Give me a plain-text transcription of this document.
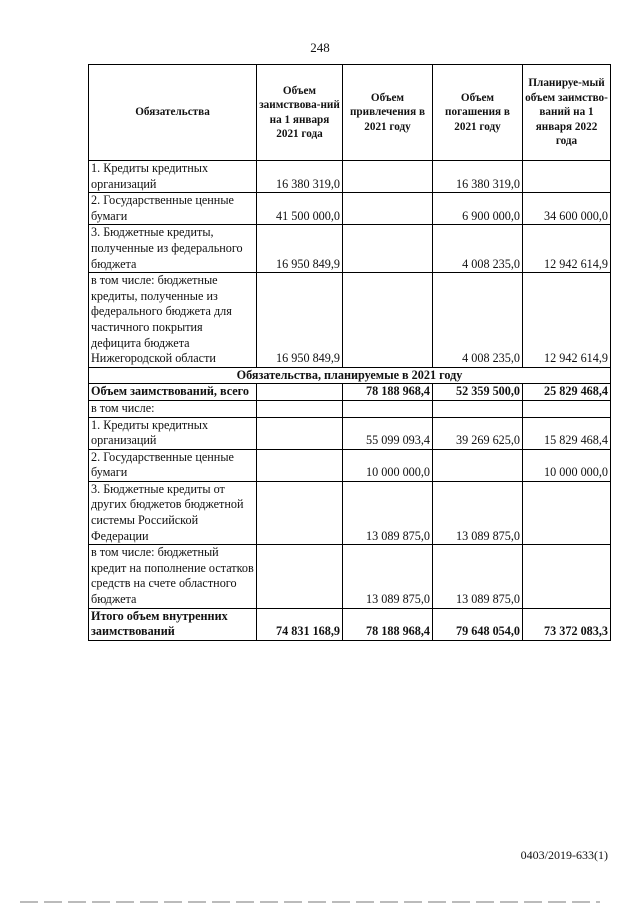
248
Обязательства	Объем заимствова-ний на 1 января 2021 года	Объем привлечения в 2021 году	Объем погашения в 2021 году	Планируе-мый объем заимство-ваний на 1 января 2022 года
1. Кредиты кредитных организаций	16 380 319,0		16 380 319,0	
2. Государственные ценные бумаги	41 500 000,0		6 900 000,0	34 600 000,0
3. Бюджетные кредиты, полученные из федерального бюджета	16 950 849,9		4 008 235,0	12 942 614,9
в том числе: бюджетные кредиты, полученные из федерального бюджета для частичного покрытия дефицита бюджета Нижегородской области	16 950 849,9		4 008 235,0	12 942 614,9
Обязательства, планируемые в 2021 году				
Объем заимствований, всего		78 188 968,4	52 359 500,0	25 829 468,4
в том числе:				
1. Кредиты кредитных организаций		55 099 093,4	39 269 625,0	15 829 468,4
2. Государственные ценные бумаги		10 000 000,0		10 000 000,0
3. Бюджетные кредиты от других бюджетов бюджетной системы Российской Федерации		13 089 875,0	13 089 875,0	
в том числе: бюджетный кредит на пополнение остатков средств на счете областного бюджета		13 089 875,0	13 089 875,0	
Итого объем внутренних заимствований	74 831 168,9	78 188 968,4	79 648 054,0	73 372 083,3
0403/2019-633(1)
